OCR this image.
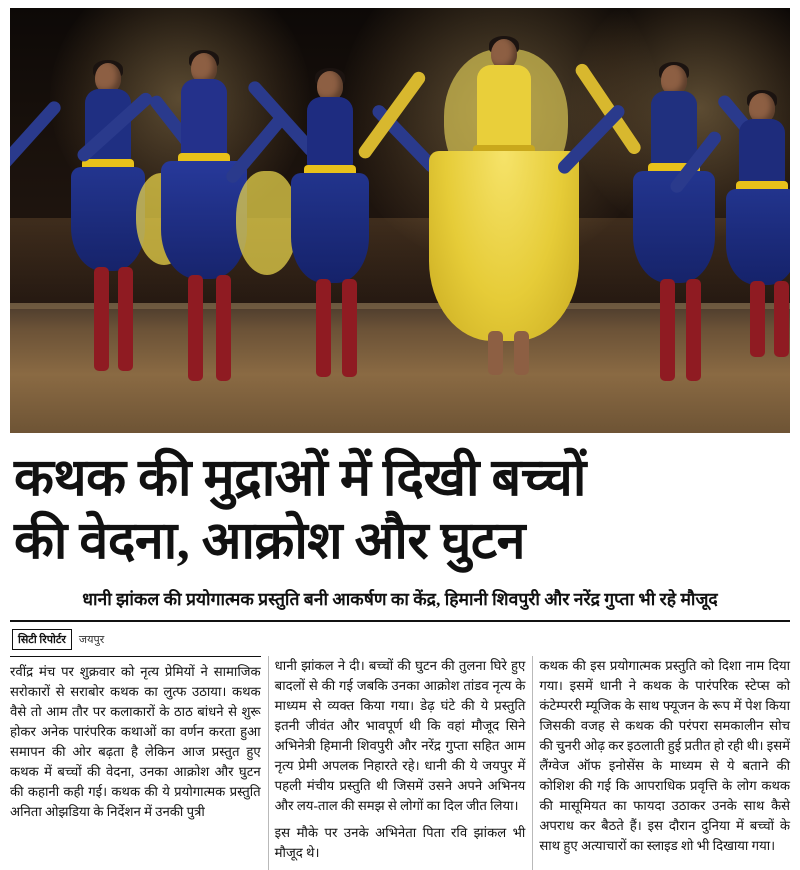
कथक की मुद्राओं में दिखी बच्चों
की वेदना, आक्रोश और घुटन
धानी झांकल की प्रयोगात्मक प्रस्तुति बनी आकर्षण का केंद्र, हिमानी शिवपुरी और नरेंद्र गुप्ता भी रहे मौजूद
सिटी रिपोर्टर	जयपुर

रवींद्र मंच पर शुक्रवार को नृत्य प्रेमियों ने सामाजिक सरोकारों से सराबोर कथक का लुत्फ उठाया। कथक वैसे तो आम तौर पर कलाकारों के ठाठ बांधने से शुरू होकर अनेक पारंपरिक कथाओं का वर्णन करता हुआ समापन की ओर बढ़ता है लेकिन आज प्रस्तुत हुए कथक में बच्चों की वेदना, उनका आक्रोश और घुटन की कहानी कही गई। कथक की ये प्रयोगात्मक प्रस्तुति अनिता ओझडिया के निर्देशन में उनकी पुत्री

धानी झांकल ने दी। बच्चों की घुटन की तुलना घिरे हुए बादलों से की गई जबकि उनका आक्रोश तांडव नृत्य के माध्यम से व्यक्त किया गया। डेढ़ घंटे की ये प्रस्तुति इतनी जीवंत और भावपूर्ण थी कि वहां मौजूद सिने अभिनेत्री हिमानी शिवपुरी और नरेंद्र गुप्ता सहित आम नृत्य प्रेमी अपलक निहारते रहे। धानी की ये जयपुर में पहली मंचीय प्रस्तुति थी जिसमें उसने अपने अभिनय और लय-ताल की समझ से लोगों का दिल जीत लिया।

इस मौके पर उनके अभिनेता पिता रवि झांकल भी मौजूद थे।

कथक की इस प्रयोगात्मक प्रस्तुति को दिशा नाम दिया गया। इसमें धानी ने कथक के पारंपरिक स्टेप्स को कंटेम्पररी म्यूजिक के साथ फ्यूजन के रूप में पेश किया जिसकी वजह से कथक की परंपरा समकालीन सोच की चुनरी ओढ़ कर इठलाती हुई प्रतीत हो रही थी। इसमें लैंग्वेज ऑफ इनोसेंस के माध्यम से ये बताने की कोशिश की गई कि आपराधिक प्रवृत्ति के लोग कथक की मासूमियत का फायदा उठाकर उनके साथ कैसे अपराध कर बैठते हैं। इस दौरान दुनिया में बच्चों के साथ हुए अत्याचारों का स्लाइड शो भी दिखाया गया।
